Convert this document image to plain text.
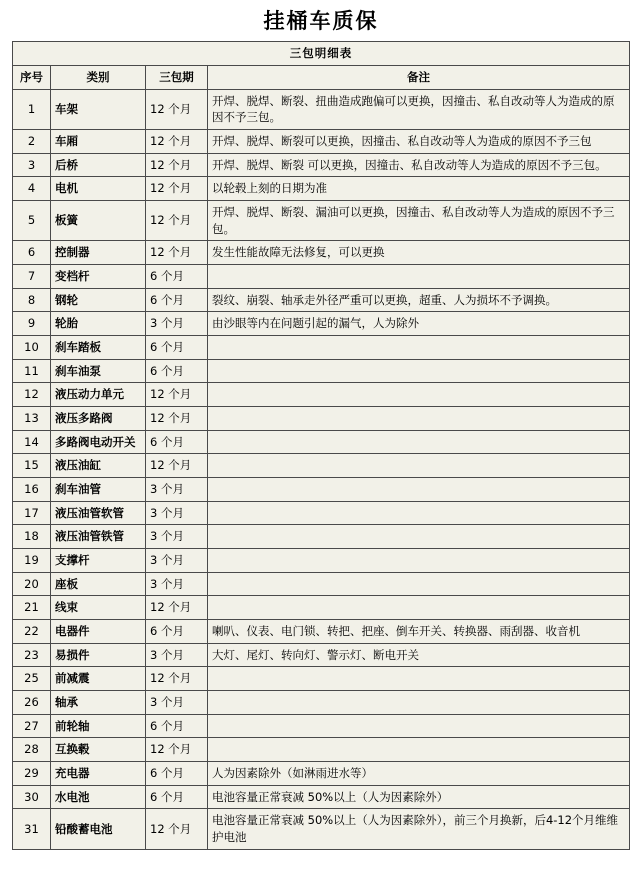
挂桶车质保
三包明细表			
序号	类别	三包期	备注
1	车架	12 个月	开焊、脱焊、断裂、扭曲造成跑偏可以更换，因撞击、私自改动等人为造成的原因不予三包。
2	车厢	12 个月	开焊、脱焊、断裂可以更换，因撞击、私自改动等人为造成的原因不予三包
3	后桥	12 个月	开焊、脱焊、断裂 可以更换，因撞击、私自改动等人为造成的原因不予三包。
4	电机	12 个月	以轮毂上刻的日期为准
5	板簧	12 个月	开焊、脱焊、断裂、漏油可以更换，因撞击、私自改动等人为造成的原因不予三包。
6	控制器	12 个月	发生性能故障无法修复，可以更换
7	变档杆	6 个月	
8	钢轮	6 个月	裂纹、崩裂、轴承走外径严重可以更换，超重、人为损坏不予调换。
9	轮胎	3 个月	由沙眼等内在问题引起的漏气，人为除外
10	刹车踏板	6 个月	
11	刹车油泵	6 个月	
12	液压动力单元	12 个月	
13	液压多路阀	12 个月	
14	多路阀电动开关	6 个月	
15	液压油缸	12 个月	
16	刹车油管	3 个月	
17	液压油管软管	3 个月	
18	液压油管铁管	3 个月	
19	支撑杆	3 个月	
20	座板	3 个月	
21	线束	12 个月	
22	电器件	6 个月	喇叭、仪表、电门锁、转把、把座、倒车开关、转换器、雨刮器、收音机
23	易损件	3 个月	大灯、尾灯、转向灯、警示灯、断电开关
25	前减震	12 个月	
26	轴承	3 个月	
27	前轮轴	6 个月	
28	互换毂	12 个月	
29	充电器	6 个月	人为因素除外（如淋雨进水等）
30	水电池	6 个月	电池容量正常衰减 50%以上（人为因素除外）
31	铅酸蓄电池	12 个月	电池容量正常衰减 50%以上（人为因素除外），前三个月换新，后4-12个月维维护电池
